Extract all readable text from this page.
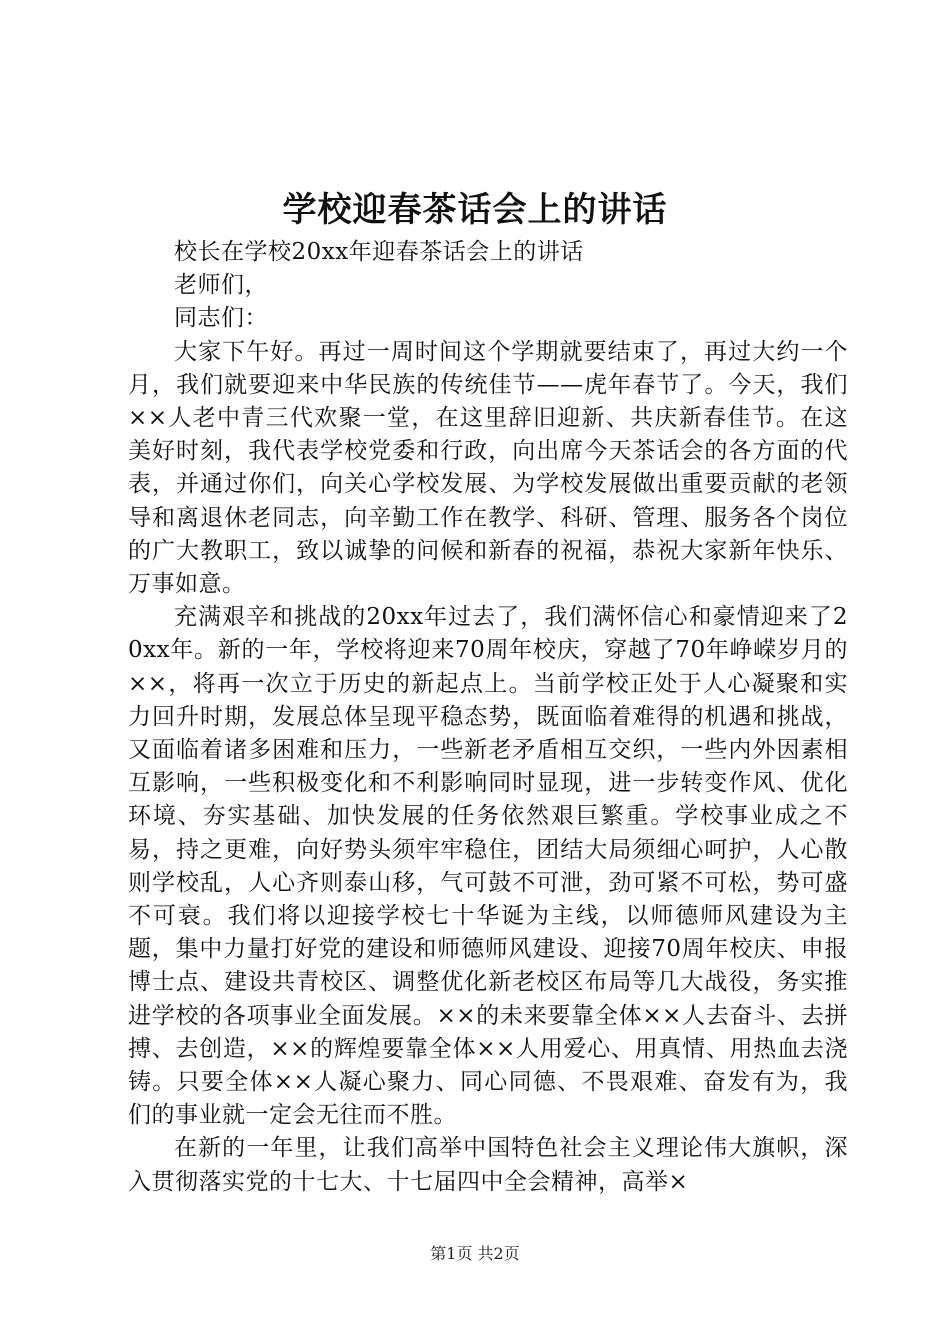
学校迎春茶话会上的讲话

校长在学校20xx年迎春茶话会上的讲话

老师们，

同志们：

大家下午好。再过一周时间这个学期就要结束了，再过大约一个月，我们就要迎来中华民族的传统佳节——虎年春节了。今天，我们××人老中青三代欢聚一堂，在这里辞旧迎新、共庆新春佳节。在这美好时刻，我代表学校党委和行政，向出席今天茶话会的各方面的代表，并通过你们，向关心学校发展、为学校发展做出重要贡献的老领导和离退休老同志，向辛勤工作在教学、科研、管理、服务各个岗位的广大教职工，致以诚挚的问候和新春的祝福，恭祝大家新年快乐、万事如意。

充满艰辛和挑战的20xx年过去了，我们满怀信心和豪情迎来了20xx年。新的一年，学校将迎来70周年校庆，穿越了70年峥嵘岁月的××，将再一次立于历史的新起点上。当前学校正处于人心凝聚和实力回升时期，发展总体呈现平稳态势，既面临着难得的机遇和挑战，又面临着诸多困难和压力，一些新老矛盾相互交织，一些内外因素相互影响，一些积极变化和不利影响同时显现，进一步转变作风、优化环境、夯实基础、加快发展的任务依然艰巨繁重。学校事业成之不易，持之更难，向好势头须牢牢稳住，团结大局须细心呵护，人心散则学校乱，人心齐则泰山移，气可鼓不可泄，劲可紧不可松，势可盛不可衰。我们将以迎接学校七十华诞为主线，以师德师风建设为主题，集中力量打好党的建设和师德师风建设、迎接70周年校庆、申报博士点、建设共青校区、调整优化新老校区布局等几大战役，务实推进学校的各项事业全面发展。××的未来要靠全体××人去奋斗、去拼搏、去创造，××的辉煌要靠全体××人用爱心、用真情、用热血去浇铸。只要全体××人凝心聚力、同心同德、不畏艰难、奋发有为，我们的事业就一定会无往而不胜。

在新的一年里，让我们高举中国特色社会主义理论伟大旗帜，深入贯彻落实党的十七大、十七届四中全会精神，高举×

第1页 共2页
